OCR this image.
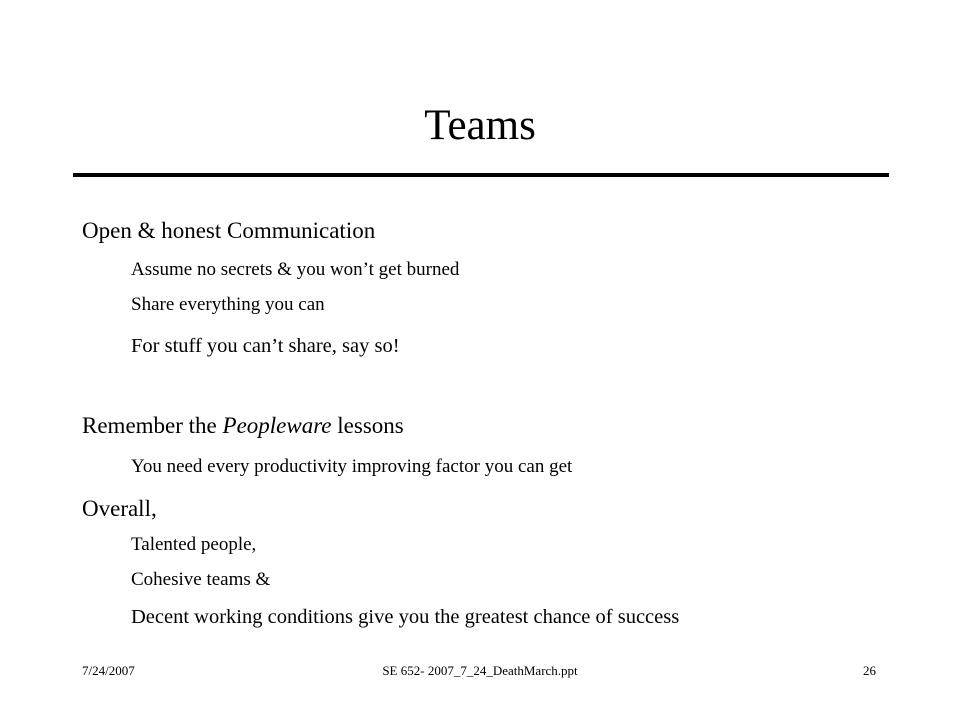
Teams
Open & honest Communication
Assume no secrets & you won’t get burned
Share everything you can
For stuff you can’t share, say so!
Remember the Peopleware lessons
You need every productivity improving factor you can get
Overall,
Talented people,
Cohesive teams &
Decent working conditions give you the greatest chance of success
7/24/2007	SE 652- 2007_7_24_DeathMarch.ppt	26
